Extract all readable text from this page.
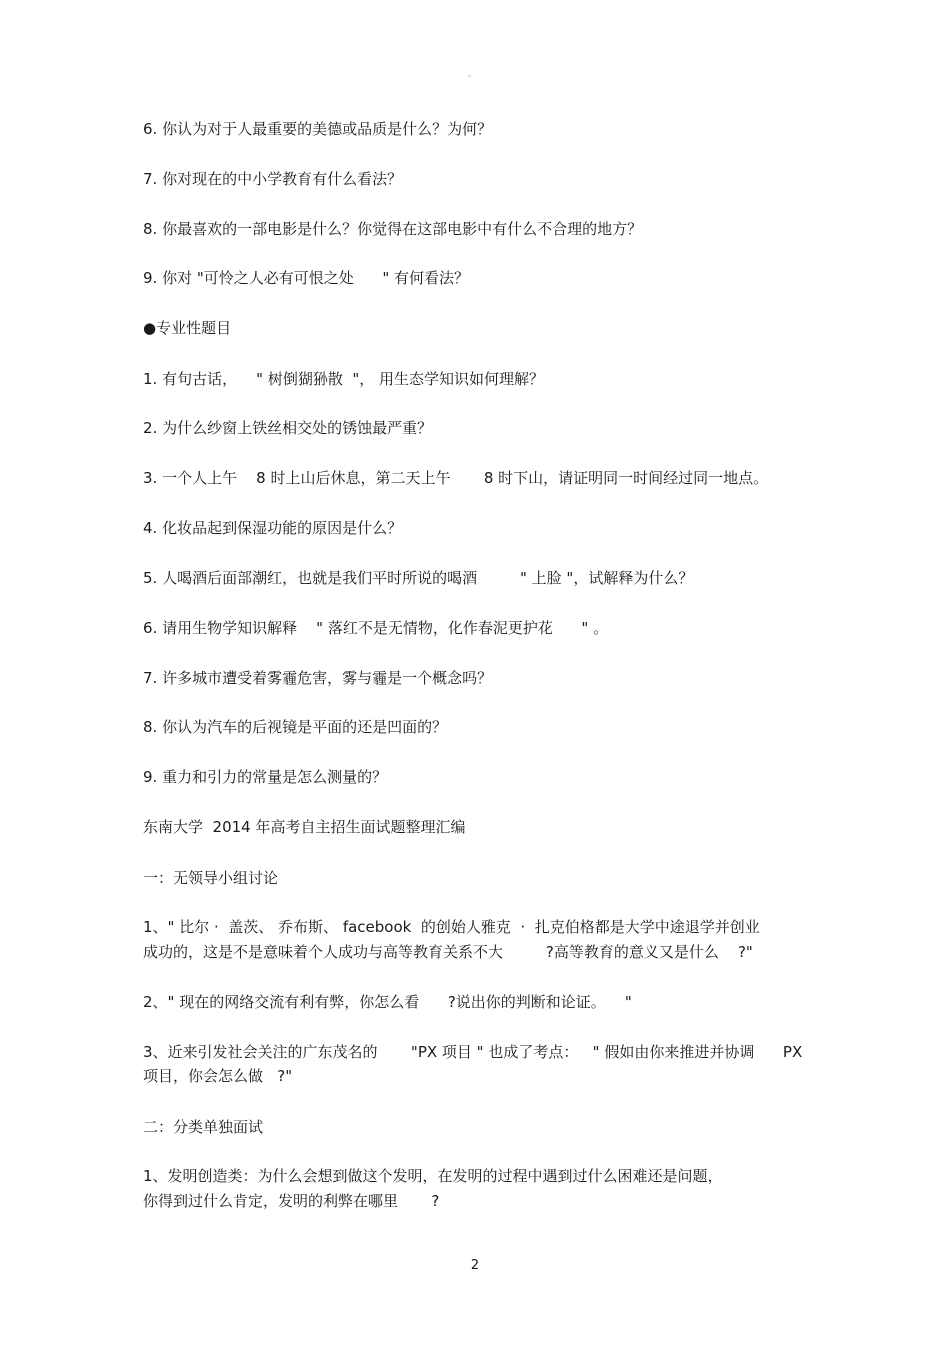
。
6. 你认为对于人最重要的美德或品质是什么？为何？
7. 你对现在的中小学教育有什么看法？
8. 你最喜欢的一部电影是什么？你觉得在这部电影中有什么不合理的地方？
9. 你对 "可怜之人必有可恨之处      " 有何看法？
●专业性题目
1. 有句古话，    " 树倒猢狲散  "， 用生态学知识如何理解？
2. 为什么纱窗上铁丝相交处的锈蚀最严重？
3. 一个人上午    8 时上山后休息，第二天上午       8 时下山，请证明同一时间经过同一地点。
4. 化妆品起到保湿功能的原因是什么？
5. 人喝酒后面部潮红，也就是我们平时所说的喝酒         " 上脸 "，试解释为什么？
6. 请用生物学知识解释    " 落红不是无情物，化作春泥更护花      " 。
7. 许多城市遭受着雾霾危害，雾与霾是一个概念吗？
8. 你认为汽车的后视镜是平面的还是凹面的？
9. 重力和引力的常量是怎么测量的？
东南大学  2014 年高考自主招生面试题整理汇编
一：无领导小组讨论
1、" 比尔 ·  盖茨、 乔布斯、 facebook  的创始人雅克  ·  扎克伯格都是大学中途退学并创业
成功的，这是不是意味着个人成功与高等教育关系不大         ?高等教育的意义又是什么    ?"
2、" 现在的网络交流有利有弊，你怎么看      ?说出你的判断和论证。    "
3、近来引发社会关注的广东茂名的       "PX 项目 " 也成了考点：   " 假如由你来推进并协调      PX
项目，你会怎么做   ?"
二：分类单独面试
1、发明创造类：为什么会想到做这个发明，在发明的过程中遇到过什么困难还是问题，
你得到过什么肯定，发明的利弊在哪里       ?
2
